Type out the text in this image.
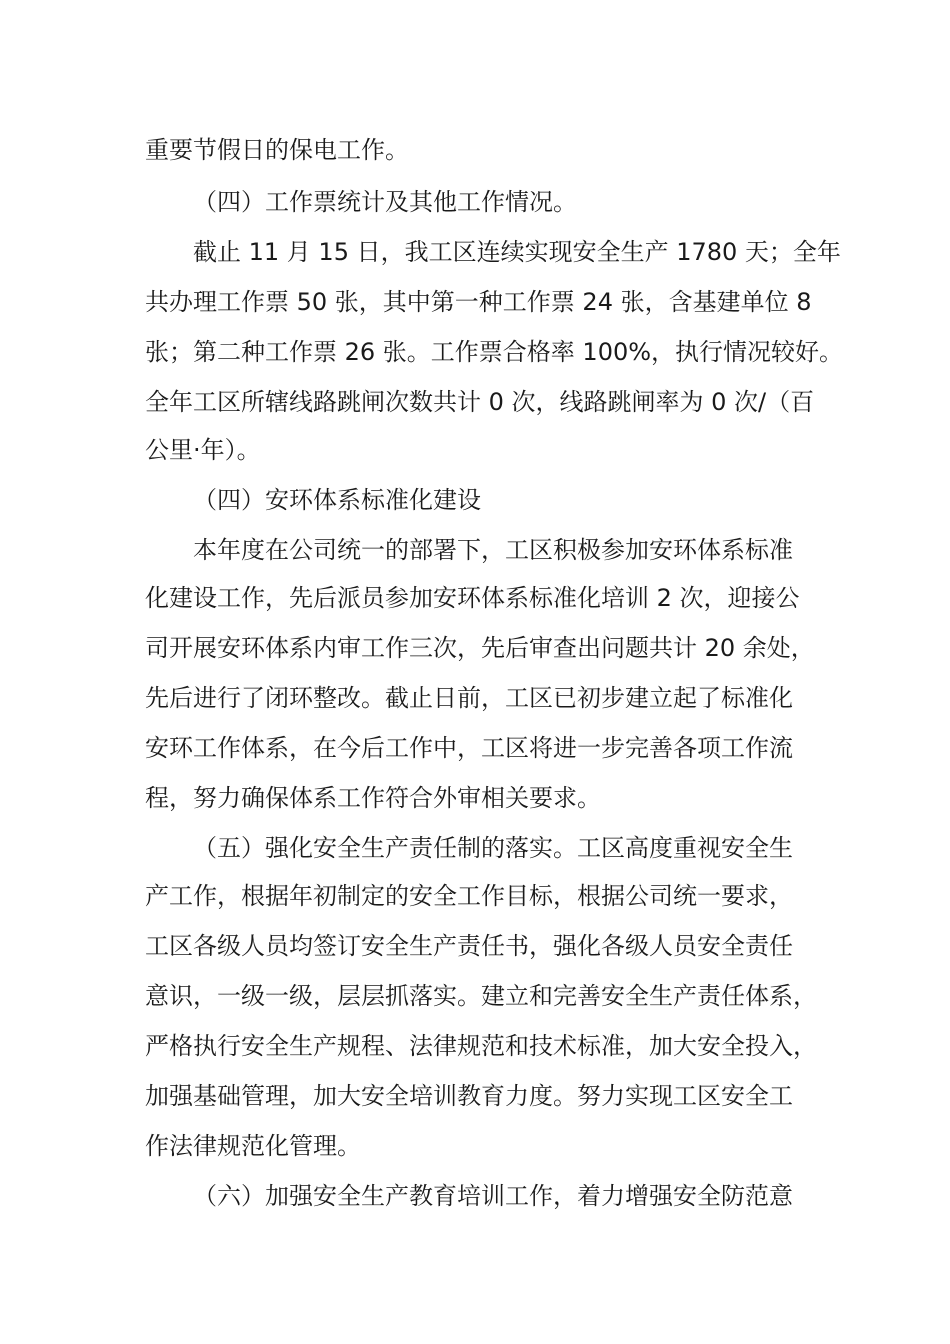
重要节假日的保电工作。

（四）工作票统计及其他工作情况。

截止 11 月 15 日，我工区连续实现安全生产 1780 天；全年

共办理工作票 50 张，其中第一种工作票 24 张，含基建单位 8

张；第二种工作票 26 张。工作票合格率 100%，执行情况较好。

全年工区所辖线路跳闸次数共计 0 次，线路跳闸率为 0 次/（百

公里·年）。

（四）安环体系标准化建设

本年度在公司统一的部署下，工区积极参加安环体系标准

化建设工作，先后派员参加安环体系标准化培训 2 次，迎接公

司开展安环体系内审工作三次，先后审查出问题共计 20 余处，

先后进行了闭环整改。截止日前，工区已初步建立起了标准化

安环工作体系，在今后工作中，工区将进一步完善各项工作流

程，努力确保体系工作符合外审相关要求。

（五）强化安全生产责任制的落实。工区高度重视安全生

产工作，根据年初制定的安全工作目标，根据公司统一要求，

工区各级人员均签订安全生产责任书，强化各级人员安全责任

意识，一级一级，层层抓落实。建立和完善安全生产责任体系，

严格执行安全生产规程、法律规范和技术标准，加大安全投入，

加强基础管理，加大安全培训教育力度。努力实现工区安全工

作法律规范化管理。

（六）加强安全生产教育培训工作，着力增强安全防范意
